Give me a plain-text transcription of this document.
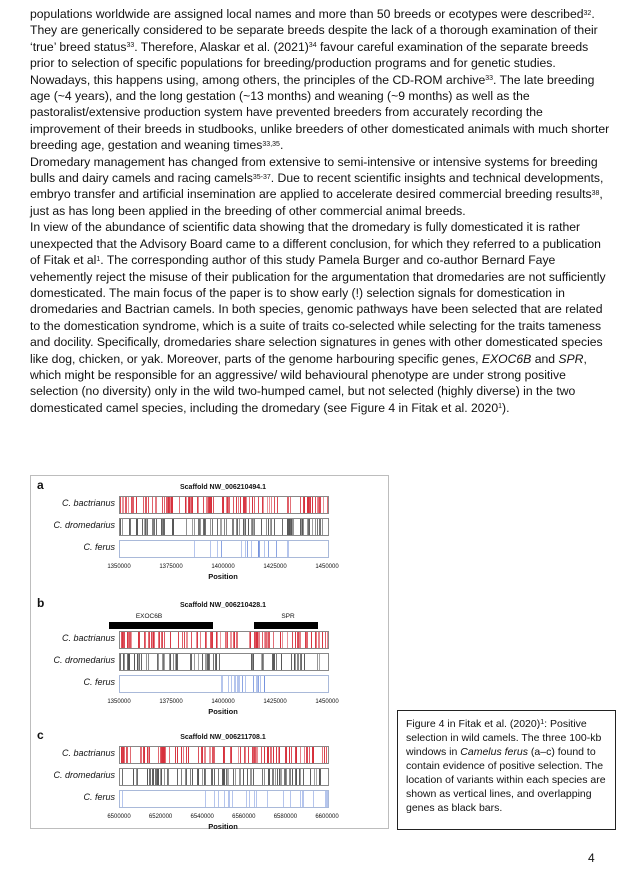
populations worldwide are assigned local names and more than 50 breeds or ecotypes were described$^{32}$.

They are generically considered to be separate breeds despite the lack of a thorough examination of their ‘true’ breed status$^{33}$. Therefore, Alaskar et al. $(2021)^{34}$ favour careful examination of the separate breeds prior to selection of specific populations for breeding/production programs and for genetic studies. Nowadays, this happens using, among others, the principles of the CD-ROM archive$^{33}$. The late breeding age (~4 years), and the long gestation (~13 months) and weaning (~9 months) as well as the pastoralist/extensive production system have prevented breeders from accurately recording the improvement of their breeds in studbooks, unlike breeders of other domesticated animals with much shorter breeding age, gestation and weaning times$^{33,35}$.

Dromedary management has changed from extensive to semi-intensive or intensive systems for breeding bulls and dairy camels and racing camels$^{35-37}$. Due to recent scientific insights and technical developments, embryo transfer and artificial insemination are applied to accelerate desired commercial breeding results$^{38}$, just as has long been applied in the breeding of other commercial animal breeds.

In view of the abundance of scientific data showing that the dromedary is fully domesticated it is rather unexpected that the Advisory Board came to a different conclusion, for which they referred to a publication of Fitak et $al^1$. The corresponding author of this study Pamela Burger and co-author Bernard Faye vehemently reject the misuse of their publication for the argumentation that dromedaries are not sufficiently domesticated. The main focus of the paper is to show early (!) selection signals for domestication in dromedaries and Bactrian camels. In both species, genomic pathways have been selected that are related to the domestication syndrome, which is a suite of traits co-selected while selecting for the traits tameness and docility. Specifically, dromedaries share selection signatures in genes with other domesticated species like dog, chicken, or yak. Moreover, parts of the genome harbouring specific genes, EXOC6B and SPR, which might be responsible for an aggressive/ wild behavioural phenotype are under strong positive selection (no diversity) only in the wild two-humped camel, but not selected (highly diverse) in the two domesticated camel species, including the dromedary (see Figure 4 in Fitak et al. 2020$^1$).

a	Scaffold NW_006210494.1
C. bactrianus
C. dromedarius
C. ferus
1350000	1375000	1400000	1425000	1450000
Position
b	Scaffold NW_006210428.1
EXOC6B	SPR
C. bactrianus
C. dromedarius
C. ferus
1350000	1375000	1400000	1425000	1450000
Position
c	Scaffold NW_006211708.1
C. bactrianus
C. dromedarius
C. ferus
6500000	6520000	6540000	6560000	6580000	6600000
Position
Figure 4 in Fitak et al. $(2020)^1$: Positive selection in wild camels. The three 100-kb windows in Camelus ferus (a–c) found to contain evidence of positive selection. The location of variants within each species are shown as vertical lines, and overlapping genes as black bars.
4
